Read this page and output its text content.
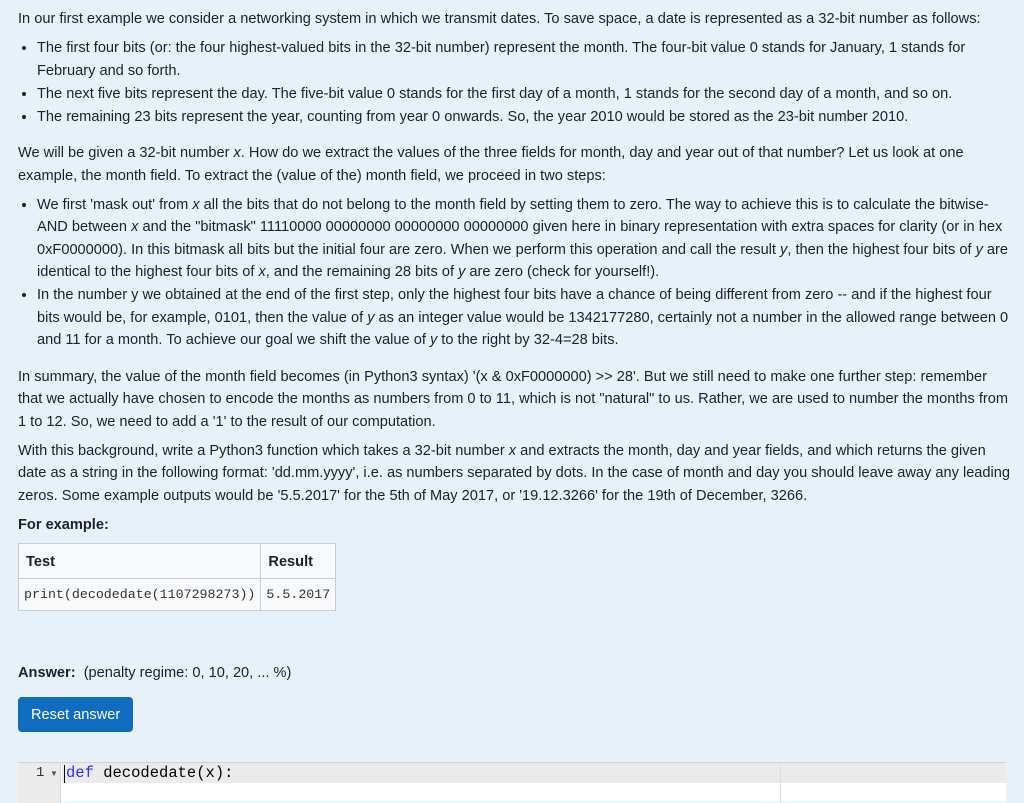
In our first example we consider a networking system in which we transmit dates. To save space, a date is represented as a 32-bit number as follows:

• The first four bits (or: the four highest-valued bits in the 32-bit number) represent the month. The four-bit value 0 stands for January, 1 stands for February and so forth.
• The next five bits represent the day. The five-bit value 0 stands for the first day of a month, 1 stands for the second day of a month, and so on.
• The remaining 23 bits represent the year, counting from year 0 onwards. So, the year 2010 would be stored as the 23-bit number 2010.

We will be given a 32-bit number x. How do we extract the values of the three fields for month, day and year out of that number? Let us look at one example, the month field. To extract the (value of the) month field, we proceed in two steps:

• We first 'mask out' from x all the bits that do not belong to the month field by setting them to zero. The way to achieve this is to calculate the bitwise-AND between x and the "bitmask" 11110000 00000000 00000000 00000000 given here in binary representation with extra spaces for clarity (or in hex 0xF0000000). In this bitmask all bits but the initial four are zero. When we perform this operation and call the result y, then the highest four bits of y are identical to the highest four bits of x, and the remaining 28 bits of y are zero (check for yourself!).
• In the number y we obtained at the end of the first step, only the highest four bits have a chance of being different from zero -- and if the highest four bits would be, for example, 0101, then the value of y as an integer value would be 1342177280, certainly not a number in the allowed range between 0 and 11 for a month. To achieve our goal we shift the value of y to the right by 32-4=28 bits.

In summary, the value of the month field becomes (in Python3 syntax) '(x & 0xF0000000) >> 28'. But we still need to make one further step: remember that we actually have chosen to encode the months as numbers from 0 to 11, which is not "natural" to us. Rather, we are used to number the months from 1 to 12. So, we need to add a '1' to the result of our computation.

With this background, write a Python3 function which takes a 32-bit number x and extracts the month, day and year fields, and which returns the given date as a string in the following format: 'dd.mm.yyyy', i.e. as numbers separated by dots. In the case of month and day you should leave away any leading zeros. Some example outputs would be '5.5.2017' for the 5th of May 2017, or '19.12.3266' for the 19th of December, 3266.

For example:

Test	Result
print(decodedate(1107298273))	5.5.2017

Answer: (penalty regime: 0, 10, 20, ... %)

Reset answer
1 ▼ def decodedate(x):
